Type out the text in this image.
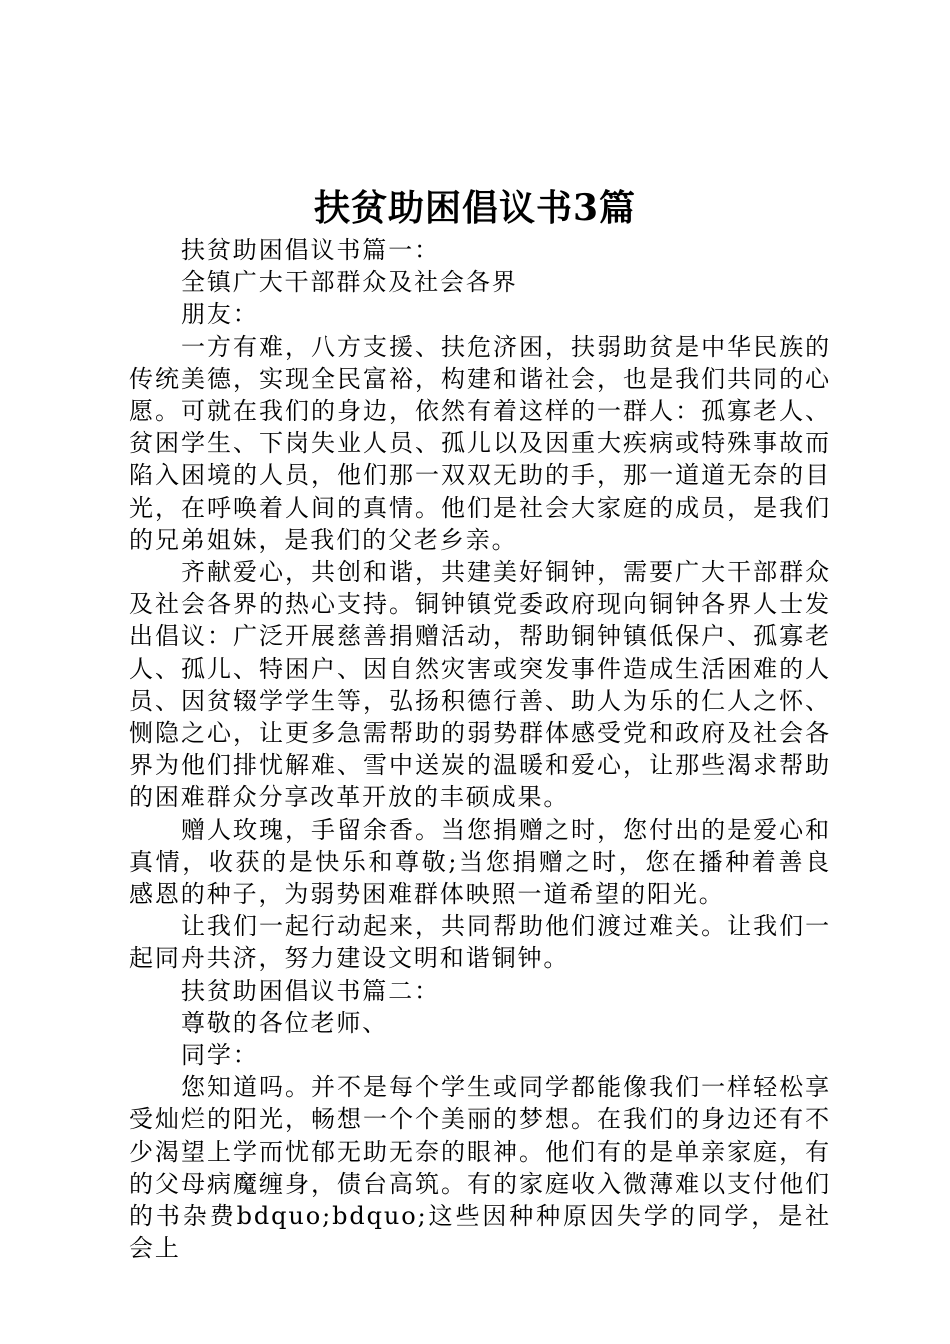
扶贫助困倡议书3篇

扶贫助困倡议书篇一：

全镇广大干部群众及社会各界

朋友：

一方有难，八方支援、扶危济困，扶弱助贫是中华民族的传统美德，实现全民富裕，构建和谐社会，也是我们共同的心愿。可就在我们的身边，依然有着这样的一群人：孤寡老人、贫困学生、下岗失业人员、孤儿以及因重大疾病或特殊事故而陷入困境的人员，他们那一双双无助的手，那一道道无奈的目光，在呼唤着人间的真情。他们是社会大家庭的成员，是我们的兄弟姐妹，是我们的父老乡亲。

齐献爱心，共创和谐，共建美好铜钟，需要广大干部群众及社会各界的热心支持。铜钟镇党委政府现向铜钟各界人士发出倡议：广泛开展慈善捐赠活动，帮助铜钟镇低保户、孤寡老人、孤儿、特困户、因自然灾害或突发事件造成生活困难的人员、因贫辍学学生等，弘扬积德行善、助人为乐的仁人之怀、恻隐之心，让更多急需帮助的弱势群体感受党和政府及社会各界为他们排忧解难、雪中送炭的温暖和爱心，让那些渴求帮助的困难群众分享改革开放的丰硕成果。

赠人玫瑰，手留余香。当您捐赠之时，您付出的是爱心和真情，收获的是快乐和尊敬;当您捐赠之时，您在播种着善良感恩的种子，为弱势困难群体映照一道希望的阳光。

让我们一起行动起来，共同帮助他们渡过难关。让我们一起同舟共济，努力建设文明和谐铜钟。

扶贫助困倡议书篇二：

尊敬的各位老师、

同学：

您知道吗。并不是每个学生或同学都能像我们一样轻松享受灿烂的阳光，畅想一个个美丽的梦想。在我们的身边还有不少渴望上学而忧郁无助无奈的眼神。他们有的是单亲家庭，有的父母病魔缠身，债台高筑。有的家庭收入微薄难以支付他们的书杂费bdquo;bdquo;这些因种种原因失学的同学，是社会上
